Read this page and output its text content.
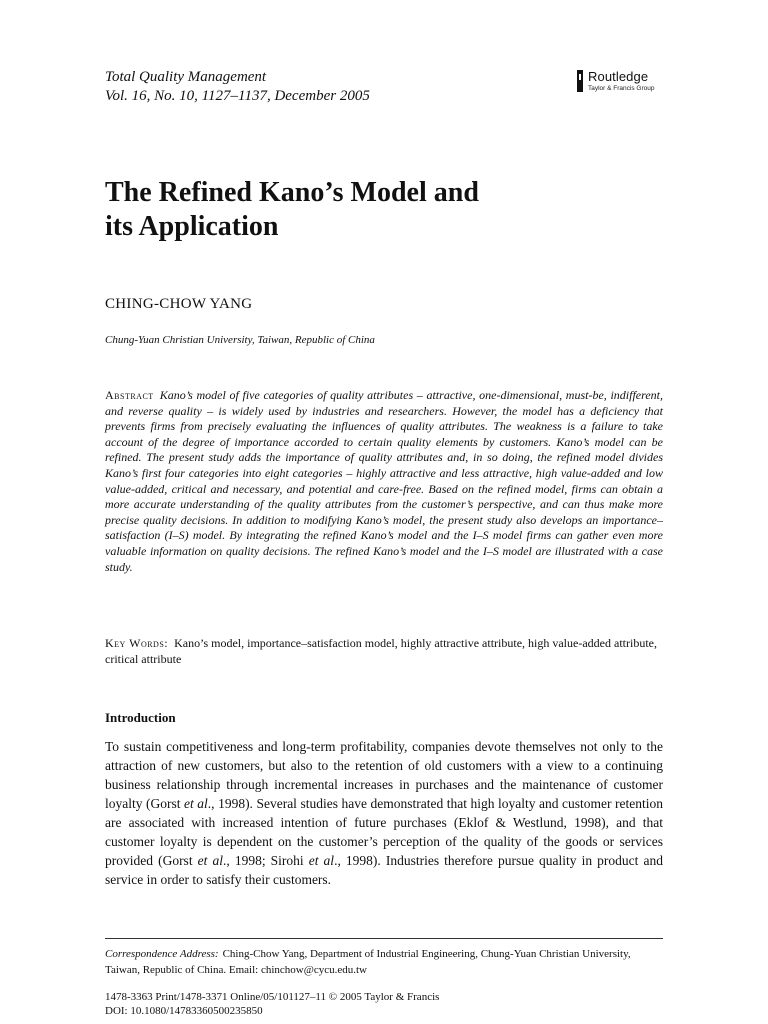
Total Quality Management
Vol. 16, No. 10, 1127–1137, December 2005
Routledge
Taylor & Francis Group
The Refined Kano’s Model and
its Application
CHING-CHOW YANG
Chung-Yuan Christian University, Taiwan, Republic of China

Abstract Kano’s model of five categories of quality attributes – attractive, one-dimensional, must-be, indifferent, and reverse quality – is widely used by industries and researchers. However, the model has a deficiency that prevents firms from precisely evaluating the influences of quality attributes. The weakness is a failure to take account of the degree of importance accorded to certain quality elements by customers. Kano’s model can be refined. The present study adds the importance of quality attributes and, in so doing, the refined model divides Kano’s first four categories into eight categories – highly attractive and less attractive, high value-added and low value-added, critical and necessary, and potential and care-free. Based on the refined model, firms can obtain a more accurate understanding of the quality attributes from the customer’s perspective, and can thus make more precise quality decisions. In addition to modifying Kano’s model, the present study also develops an importance–satisfaction (I–S) model. By integrating the refined Kano’s model and the I–S model firms can gather even more valuable information on quality decisions. The refined Kano’s model and the I–S model are illustrated with a case study.

Key Words: Kano’s model, importance–satisfaction model, highly attractive attribute, high value-added attribute, critical attribute

Introduction

To sustain competitiveness and long-term profitability, companies devote themselves not only to the attraction of new customers, but also to the retention of old customers with a view to a continuing business relationship through incremental increases in purchases and the maintenance of customer loyalty (Gorst et al., 1998). Several studies have demonstrated that high loyalty and customer retention are associated with increased intention of future purchases (Eklof & Westlund, 1998), and that customer loyalty is dependent on the customer’s perception of the quality of the goods or services provided (Gorst et al., 1998; Sirohi et al., 1998). Industries therefore pursue quality in product and service in order to satisfy their customers.

Correspondence Address: Ching-Chow Yang, Department of Industrial Engineering, Chung-Yuan Christian University, Taiwan, Republic of China. Email: chinchow@cycu.edu.tw

1478-3363 Print/1478-3371 Online/05/101127–11 © 2005 Taylor & Francis
DOI: 10.1080/14783360500235850
